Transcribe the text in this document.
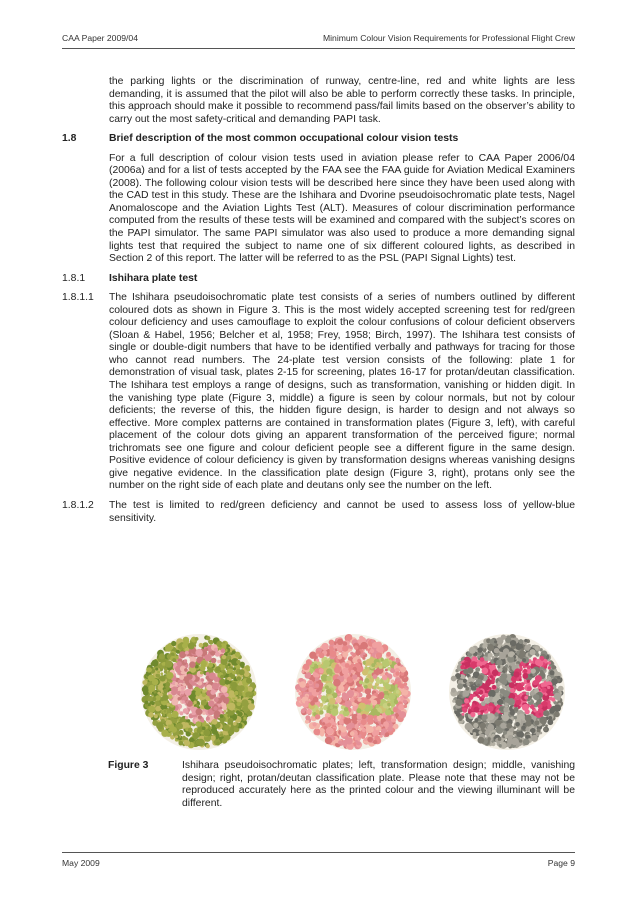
CAA Paper 2009/04	Minimum Colour Vision Requirements for Professional Flight Crew
the parking lights or the discrimination of runway, centre-line, red and white lights are less demanding, it is assumed that the pilot will also be able to perform correctly these tasks. In principle, this approach should make it possible to recommend pass/fail limits based on the observer’s ability to carry out the most safety-critical and demanding PAPI task.
1.8	Brief description of the most common occupational colour vision tests
For a full description of colour vision tests used in aviation please refer to CAA Paper 2006/04 (2006a) and for a list of tests accepted by the FAA see the FAA guide for Aviation Medical Examiners (2008). The following colour vision tests will be described here since they have been used along with the CAD test in this study. These are the Ishihara and Dvorine pseudoisochromatic plate tests, Nagel Anomaloscope and the Aviation Lights Test (ALT). Measures of colour discrimination performance computed from the results of these tests will be examined and compared with the subject’s scores on the PAPI simulator. The same PAPI simulator was also used to produce a more demanding signal lights test that required the subject to name one of six different coloured lights, as described in Section 2 of this report. The latter will be referred to as the PSL (PAPI Signal Lights) test.
1.8.1	Ishihara plate test
1.8.1.1	The Ishihara pseudoisochromatic plate test consists of a series of numbers outlined by different coloured dots as shown in Figure 3. This is the most widely accepted screening test for red/green colour deficiency and uses camouflage to exploit the colour confusions of colour deficient observers (Sloan & Habel, 1956; Belcher et al, 1958; Frey, 1958; Birch, 1997). The Ishihara test consists of single or double-digit numbers that have to be identified verbally and pathways for tracing for those who cannot read numbers. The 24-plate test version consists of the following: plate 1 for demonstration of visual task, plates 2-15 for screening, plates 16-17 for protan/deutan classification. The Ishihara test employs a range of designs, such as transformation, vanishing or hidden digit. In the vanishing type plate (Figure 3, middle) a figure is seen by colour normals, but not by colour deficients; the reverse of this, the hidden figure design, is harder to design and not always so effective. More complex patterns are contained in transformation plates (Figure 3, left), with careful placement of the colour dots giving an apparent transformation of the perceived figure; normal trichromats see one figure and colour deficient people see a different figure in the same design. Positive evidence of colour deficiency is given by transformation designs whereas vanishing designs give negative evidence. In the classification plate design (Figure 3, right), protans only see the number on the right side of each plate and deutans only see the number on the left.
1.8.1.2	The test is limited to red/green deficiency and cannot be used to assess loss of yellow-blue sensitivity.
Figure 3	Ishihara pseudoisochromatic plates; left, transformation design; middle, vanishing design; right, protan/deutan classification plate. Please note that these may not be reproduced accurately here as the printed colour and the viewing illuminant will be different.
May 2009	Page 9
